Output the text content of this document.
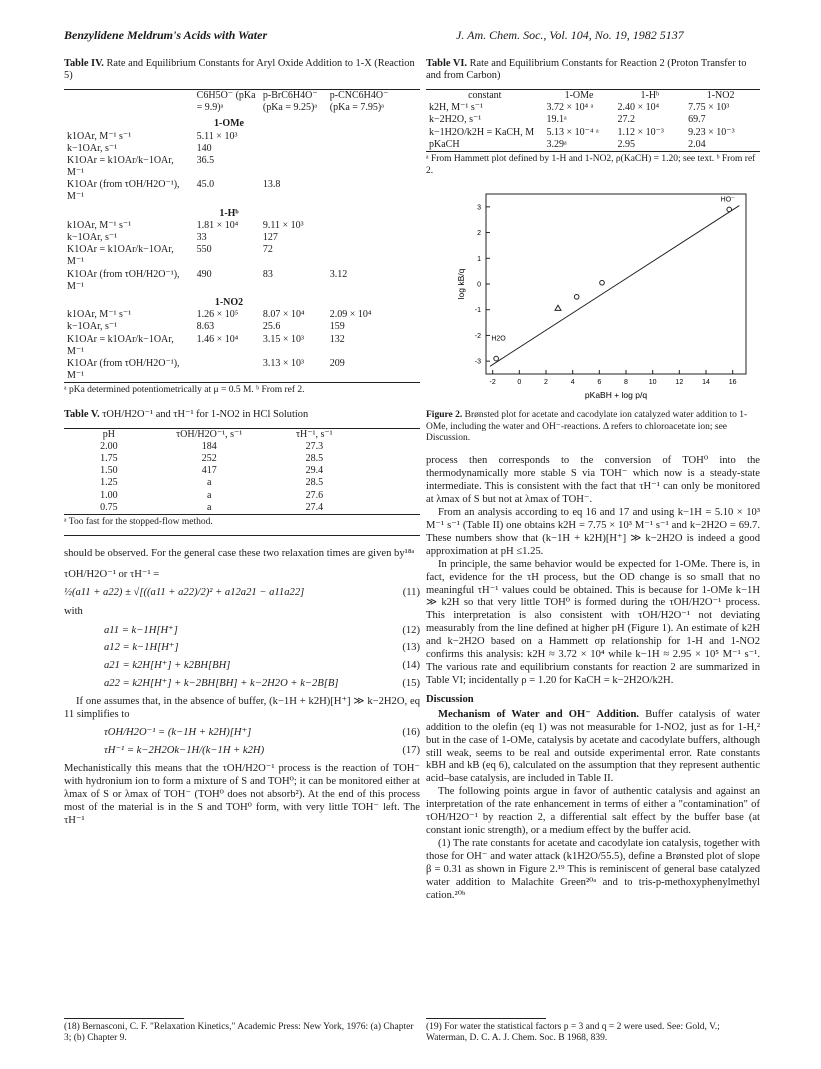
Benzylidene Meldrum's Acids with Water	J. Am. Chem. Soc., Vol. 104, No. 19, 1982 5137
Table IV. Rate and Equilibrium Constants for Aryl Oxide Addition to 1-X (Reaction 5)
	C6H5O⁻ (pKa = 9.9)ᵃ	p-BrC6H4O⁻ (pKa = 9.25)ᵃ	p-CNC6H4O⁻ (pKa = 7.95)ᵃ
1-OMe			
k1OAr, M⁻¹ s⁻¹	5.11 × 10³		
k−1OAr, s⁻¹	140		
K1OAr = k1OAr/k−1OAr, M⁻¹	36.5		
K1OAr (from τOH/H2O⁻¹), M⁻¹	45.0	13.8	
1-Hᵇ			
k1OAr, M⁻¹ s⁻¹	1.81 × 10⁴	9.11 × 10³	
k−1OAr, s⁻¹	33	127	
K1OAr = k1OAr/k−1OAr, M⁻¹	550	72	
K1OAr (from τOH/H2O⁻¹), M⁻¹	490	83	3.12
1-NO2			
k1OAr, M⁻¹ s⁻¹	1.26 × 10⁵	8.07 × 10⁴	2.09 × 10⁴
k−1OAr, s⁻¹	8.63	25.6	159
K1OAr = k1OAr/k−1OAr, M⁻¹	1.46 × 10⁴	3.15 × 10³	132
K1OAr (from τOH/H2O⁻¹), M⁻¹		3.13 × 10³	209
ᵃ pKa determined potentiometrically at μ = 0.5 M. ᵇ From ref 2.
Table V. τOH/H2O⁻¹ and τH⁻¹ for 1-NO2 in HCl Solution
pH	τOH/H2O⁻¹, s⁻¹	τH⁻¹, s⁻¹
2.00	184	27.3
1.75	252	28.5
1.50	417	29.4
1.25	a	28.5
1.00	a	27.6
0.75	a	27.4
ᵃ Too fast for the stopped-flow method.

should be observed. For the general case these two relaxation times are given by¹⁸ᵃ

τOH/H2O⁻¹ or τH⁻¹ =
½(a11 + a22) ± √[((a11 + a22)/2)² + a12a21 − a11a22]	(11)
with
a11 = k−1H[H⁺]	(12)
a12 = k−1H[H⁺]	(13)
a21 = k2H[H⁺] + k2BH[BH]	(14)
a22 = k2H[H⁺] + k−2BH[BH] + k−2H2O + k−2B[B]	(15)

If one assumes that, in the absence of buffer, (k−1H + k2H)[H⁺] ≫ k−2H2O, eq 11 simplifies to

τOH/H2O⁻¹ = (k−1H + k2H)[H⁺]	(16)
τH⁻¹ = k−2H2Ok−1H/(k−1H + k2H)	(17)

Mechanistically this means that the τOH/H2O⁻¹ process is the reaction of TOH⁻ with hydronium ion to form a mixture of S and TOH⁰; it can be monitored either at λmax of S or λmax of TOH⁻ (TOH⁰ does not absorb²). At the end of this process most of the material is in the S and TOH⁰ form, with very little TOH⁻ left. The τH⁻¹

Table VI. Rate and Equilibrium Constants for Reaction 2 (Proton Transfer to and from Carbon)
constant	1-OMe	1-Hᵇ	1-NO2
k2H, M⁻¹ s⁻¹	3.72 × 10⁴ ᵃ	2.40 × 10⁴	7.75 × 10³
k−2H2O, s⁻¹	19.1ᵃ	27.2	69.7
k−1H2O/k2H = KaCH, M	5.13 × 10⁻⁴ ᵃ	1.12 × 10⁻³	9.23 × 10⁻³
pKaCH	3.29ᵃ	2.95	2.04
ᵃ From Hammett plot defined by 1-H and 1-NO2, ρ(KaCH) = 1.20; see text. ᵇ From ref 2.
-2	0	2	4	6	8	10	12	14	16
3
2
1
0
-1
-2
-3
H2O
HO⁻
pKaBH + log p/q
log kB/q
Figure 2. Brønsted plot for acetate and cacodylate ion catalyzed water addition to 1-OMe, including the water and OH⁻-reactions. Δ refers to chloroacetate ion; see Discussion.

process then corresponds to the conversion of TOH⁰ into the thermodynamically more stable S via TOH⁻ which now is a steady-state intermediate. This is consistent with the fact that τH⁻¹ can only be monitored at λmax of S but not at λmax of TOH⁻.

From an analysis according to eq 16 and 17 and using k−1H = 5.10 × 10³ M⁻¹ s⁻¹ (Table II) one obtains k2H = 7.75 × 10³ M⁻¹ s⁻¹ and k−2H2O = 69.7. These numbers show that (k−1H + k2H)[H⁺] ≫ k−2H2O is indeed a good approximation at pH ≤1.25.

In principle, the same behavior would be expected for 1-OMe. There is, in fact, evidence for the τH process, but the OD change is so small that no meaningful τH⁻¹ values could be obtained. This is because for 1-OMe k−1H ≫ k2H so that very little TOH⁰ is formed during the τOH/H2O⁻¹ process. This interpretation is also consistent with τOH/H2O⁻¹ not deviating measurably from the line defined at higher pH (Figure 1). An estimate of k2H and k−2H2O based on a Hammett σp relationship for 1-H and 1-NO2 confirms this analysis: k2H ≈ 3.72 × 10⁴ while k−1H ≈ 2.95 × 10⁵ M⁻¹ s⁻¹. The various rate and equilibrium constants for reaction 2 are summarized in Table VI; incidentally ρ = 1.20 for KaCH = k−2H2O/k2H.

Discussion

Mechanism of Water and OH⁻ Addition. Buffer catalysis of water addition to the olefin (eq 1) was not measurable for 1-NO2, just as for 1-H,² but in the case of 1-OMe, catalysis by acetate and cacodylate buffers, although still weak, seems to be real and outside experimental error. Rate constants kBH and kB (eq 6), calculated on the assumption that they represent authentic acid–base catalysis, are included in Table II.

The following points argue in favor of authentic catalysis and against an interpretation of the rate enhancement in terms of either a "contamination" of τOH/H2O⁻¹ by reaction 2, a differential salt effect by the buffer base (at constant ionic strength), or a medium effect by the buffer acid.

(1) The rate constants for acetate and cacodylate ion catalysis, together with those for OH⁻ and water attack (k1H2O/55.5), define a Brønsted plot of slope β = 0.31 as shown in Figure 2.¹⁹ This is reminiscent of general base catalyzed water addition to Malachite Green²⁰ᵃ and to tris-p-methoxyphenylmethyl cation.²⁰ᵇ

(18) Bernasconi, C. F. "Relaxation Kinetics," Academic Press: New York, 1976: (a) Chapter 3; (b) Chapter 9.
(19) For water the statistical factors p = 3 and q = 2 were used. See: Gold, V.; Waterman, D. C. A. J. Chem. Soc. B 1968, 839.
